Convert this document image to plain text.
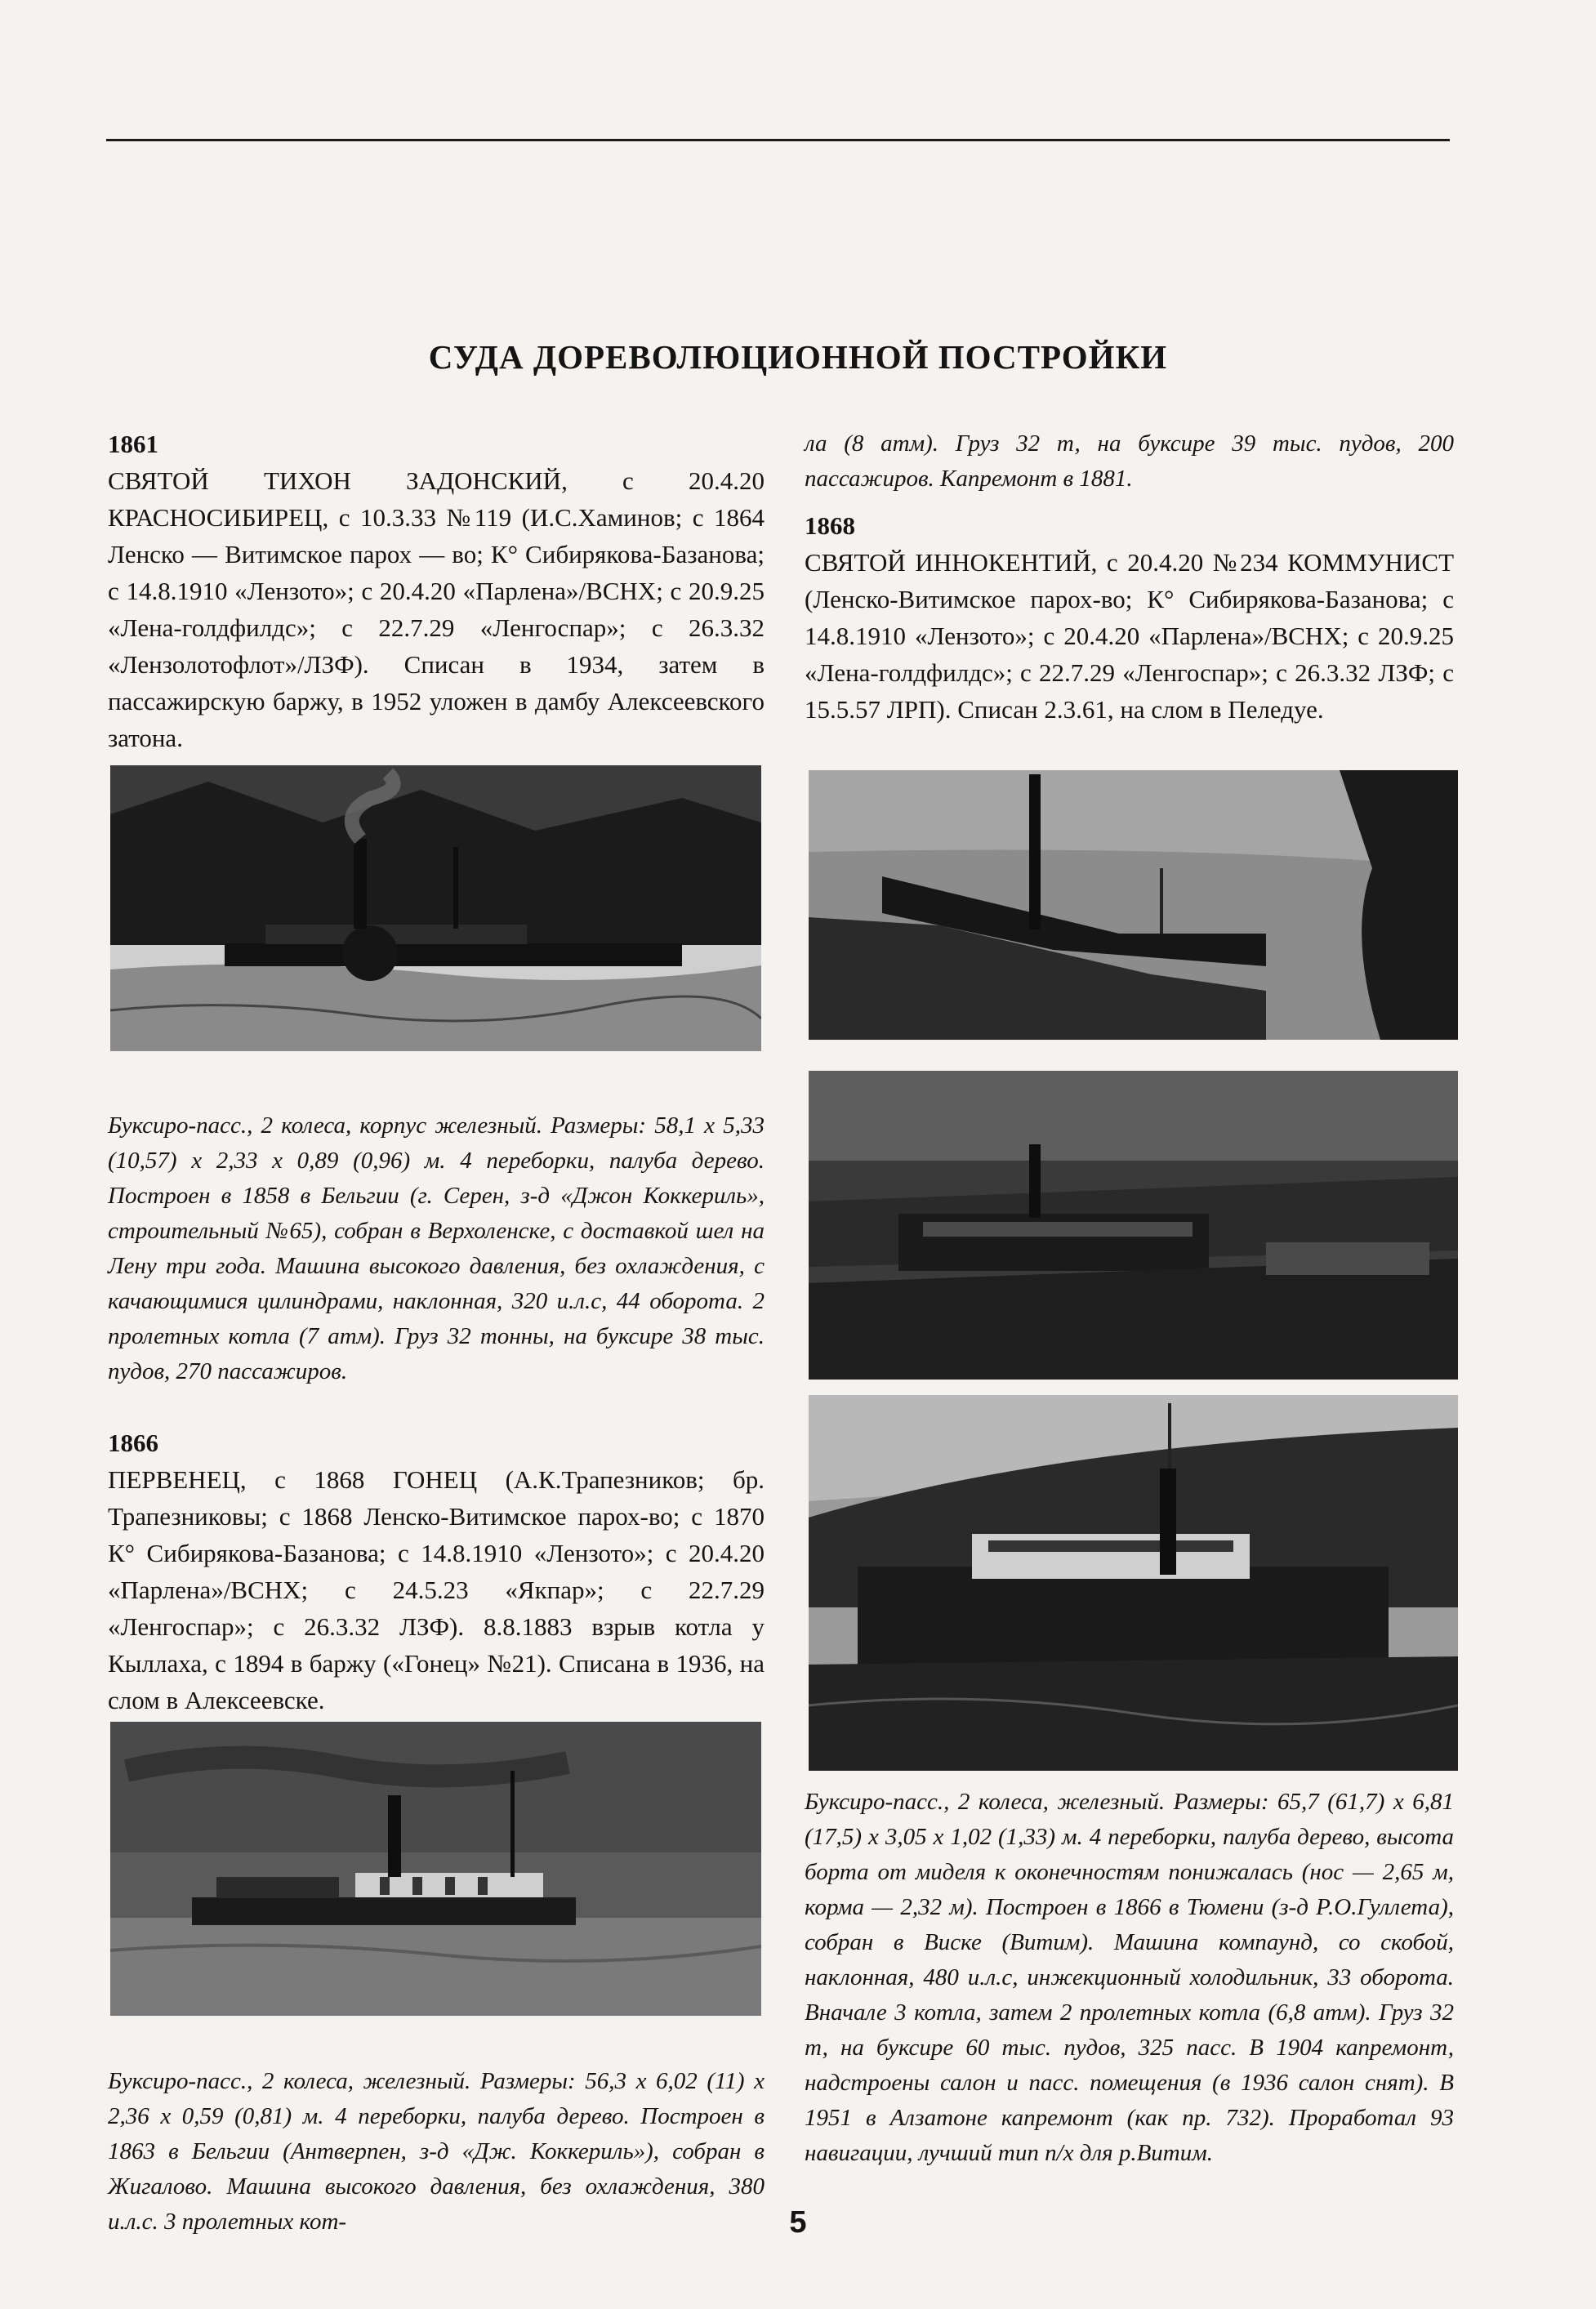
СУДА ДОРЕВОЛЮЦИОННОЙ ПОСТРОЙКИ

1861

СВЯТОЙ ТИХОН ЗАДОНСКИЙ, с 20.4.20 КРАСНОСИБИРЕЦ, с 10.3.33 №119 (И.С.Хаминов; с 1864 Ленско — Витимское парох — во; К° Сибирякова-Базанова; с 14.8.1910 «Лензото»; с 20.4.20 «Парлена»/ВСНХ; с 20.9.25 «Лена-голдфилдс»; с 22.7.29 «Ленгоспар»; с 26.3.32 «Лензолотофлот»/ЛЗФ). Списан в 1934, затем в пассажирскую баржу, в 1952 уложен в дамбу Алексеевского затона.

Буксиро-пасс., 2 колеса, корпус железный. Размеры: 58,1 х 5,33 (10,57) х 2,33 х 0,89 (0,96) м. 4 переборки, палуба дерево. Построен в 1858 в Бельгии (г. Серен, з-д «Джон Коккериль», строительный №65), собран в Верхоленске, с доставкой шел на Лену три года. Машина высокого давления, без охлаждения, с качающимися цилиндрами, наклонная, 320 и.л.с, 44 оборота. 2 пролетных котла (7 атм). Груз 32 тонны, на буксире 38 тыс. пудов, 270 пассажиров.

1866

ПЕРВЕНЕЦ, с 1868 ГОНЕЦ (А.К.Трапезников; бр. Трапезниковы; с 1868 Ленско-Витимское парох-во; с 1870 К° Сибирякова-Базанова; с 14.8.1910 «Лензото»; с 20.4.20 «Парлена»/ВСНХ; с 24.5.23 «Якпар»; с 22.7.29 «Ленгоспар»; с 26.3.32 ЛЗФ). 8.8.1883 взрыв котла у Кыллаха, с 1894 в баржу («Гонец» №21). Списана в 1936, на слом в Алексеевске.

Буксиро-пасс., 2 колеса, железный. Размеры: 56,3 х 6,02 (11) х 2,36 х 0,59 (0,81) м. 4 переборки, палуба дерево. Построен в 1863 в Бельгии (Антверпен, з-д «Дж. Коккериль»), собран в Жигалово. Машина высокого давления, без охлаждения, 380 и.л.с. 3 пролетных кот-

ла (8 атм). Груз 32 т, на буксире 39 тыс. пудов, 200 пассажиров. Капремонт в 1881.

1868

СВЯТОЙ ИННОКЕНТИЙ, с 20.4.20 №234 КОММУНИСТ (Ленско-Витимское парох-во; К° Сибирякова-Базанова; с 14.8.1910 «Лензото»; с 20.4.20 «Парлена»/ВСНХ; с 20.9.25 «Лена-голдфилдс»; с 22.7.29 «Ленгоспар»; с 26.3.32 ЛЗФ; с 15.5.57 ЛРП). Списан 2.3.61, на слом в Пеледуе.

Буксиро-пасс., 2 колеса, железный. Размеры: 65,7 (61,7) х 6,81 (17,5) х 3,05 х 1,02 (1,33) м. 4 переборки, палуба дерево, высота борта от миделя к оконечностям понижалась (нос — 2,65 м, корма — 2,32 м). Построен в 1866 в Тюмени (з-д Р.О.Гуллета), собран в Виске (Витим). Машина компаунд, со скобой, наклонная, 480 и.л.с, инжекционный холодильник, 33 оборота. Вначале 3 котла, затем 2 пролетных котла (6,8 атм). Груз 32 т, на буксире 60 тыс. пудов, 325 пасс. В 1904 капремонт, надстроены салон и пасс. помещения (в 1936 салон снят). В 1951 в Алзатоне капремонт (как пр. 732). Проработал 93 навигации, лучший тип п/х для р.Витим.

5
